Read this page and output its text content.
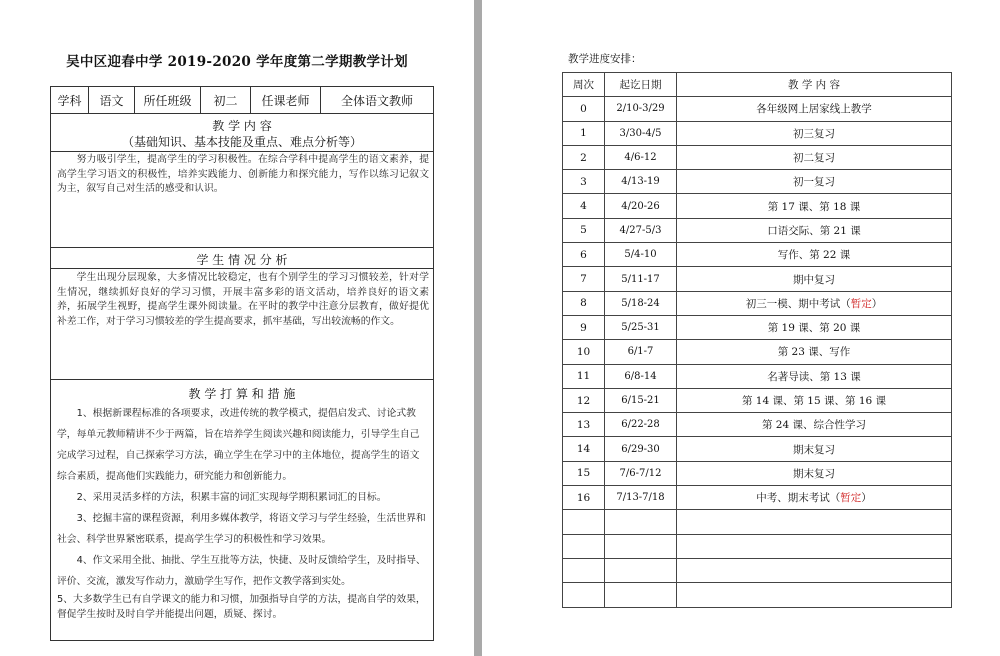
吴中区迎春中学 2019-2020 学年度第二学期教学计划
学科	语文	所任班级	初二	任课老师	全体语文教师
教 学 内 容
（基础知识、基本技能及重点、难点分析等）
努力吸引学生，提高学生的学习积极性。在综合学科中提高学生的语文素养，提高学生学习语文的积极性，培养实践能力、创新能力和探究能力，写作以练习记叙文为主，叙写自己对生活的感受和认识。
学 生 情 况 分 析
学生出现分层现象，大多情况比较稳定，也有个别学生的学习习惯较差，针对学生情况，继续抓好良好的学习习惯，开展丰富多彩的语文活动，培养良好的语文素养，拓展学生视野，提高学生课外阅读量。在平时的教学中注意分层教育，做好提优补差工作，对于学习习惯较差的学生提高要求，抓牢基础，写出较流畅的作文。
教 学 打 算 和 措 施

1、根据新课程标准的各项要求，改进传统的教学模式，提倡启发式、讨论式教学，每单元教师精讲不少于两篇，旨在培养学生阅读兴趣和阅读能力，引导学生自己完成学习过程，自己探索学习方法，确立学生在学习中的主体地位，提高学生的语文综合素质，提高他们实践能力，研究能力和创新能力。

2、采用灵活多样的方法，积累丰富的词汇实现每学期积累词汇的目标。

3、挖掘丰富的课程资源，利用多媒体教学，将语文学习与学生经验，生活世界和社会、科学世界紧密联系，提高学生学习的积极性和学习效果。

4、作文采用全批、抽批、学生互批等方法，快捷、及时反馈给学生，及时指导、评价、交流，激发写作动力，激励学生写作，把作文教学落到实处。

5、大多数学生已有自学课文的能力和习惯，加强指导自学的方法，提高自学的效果，督促学生按时及时自学并能提出问题，质疑、探讨。

教学进度安排：
周次	起讫日期	教 学 内 容
0	2/10-3/29	各年级网上居家线上教学
1	3/30-4/5	初三复习
2	4/6-12	初二复习
3	4/13-19	初一复习
4	4/20-26	第 17 课、第 18 课
5	4/27-5/3	口语交际、第 21 课
6	5/4-10	写作、第 22 课
7	5/11-17	期中复习
8	5/18-24	初三一模、期中考试（暂定）
9	5/25-31	第 19 课、第 20 课
10	6/1-7	第 23 课、写作
11	6/8-14	名著导读、第 13 课
12	6/15-21	第 14 课、第 15 课、第 16 课
13	6/22-28	第 24 课、综合性学习
14	6/29-30	期末复习
15	7/6-7/12	期末复习
16	7/13-7/18	中考、期末考试（暂定）
